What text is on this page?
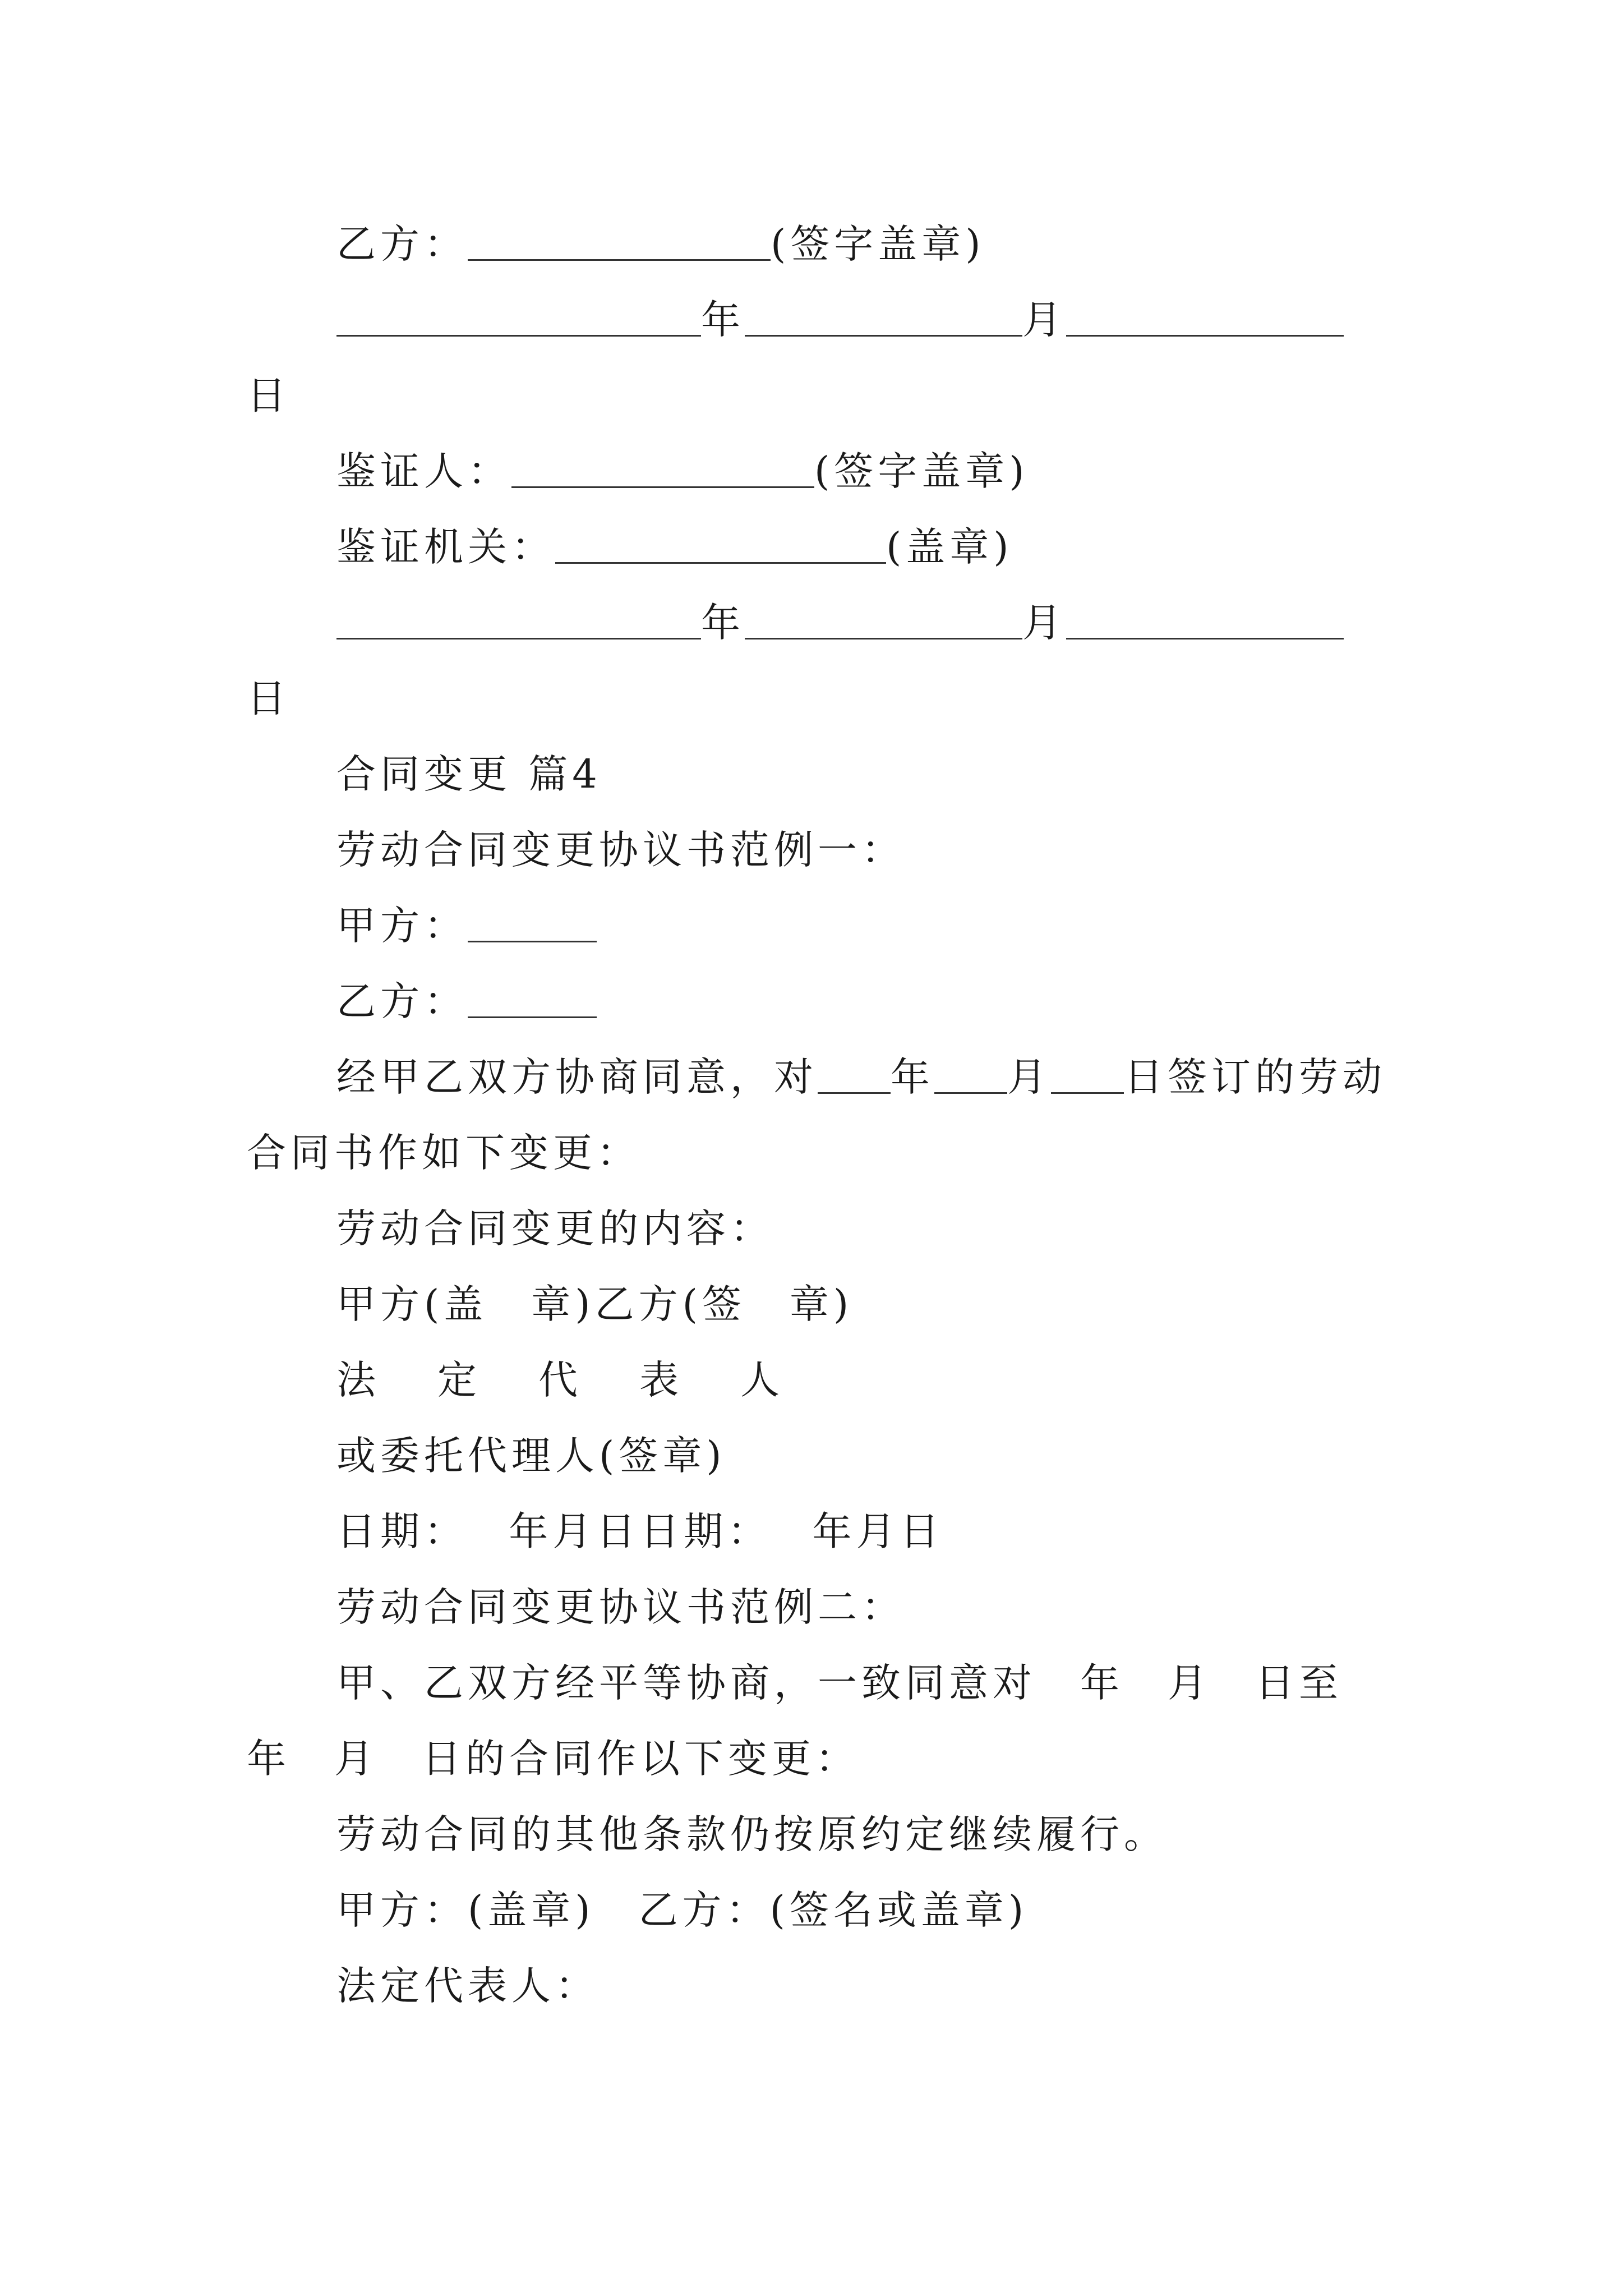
乙方：	(签字盖章)
年	月
日
鉴证人：	(签字盖章)
鉴证机关：	(盖章)
年	月
日
合同变更 篇4
劳动合同变更协议书范例一：
甲方：
乙方：
经甲乙双方协商同意，对 年 月 日签订的劳动
合同书作如下变更：
劳动合同变更的内容：
甲方(盖　章)乙方(签　章)
法　定　代　表　人
或委托代理人(签章)
日期：　 年月日日期：　 年月日
劳动合同变更协议书范例二：
甲、乙双方经平等协商，一致同意对　年　月　日至
年　月　日的合同作以下变更：
劳动合同的其他条款仍按原约定继续履行。
甲方：(盖章)　乙方：(签名或盖章)
法定代表人：
